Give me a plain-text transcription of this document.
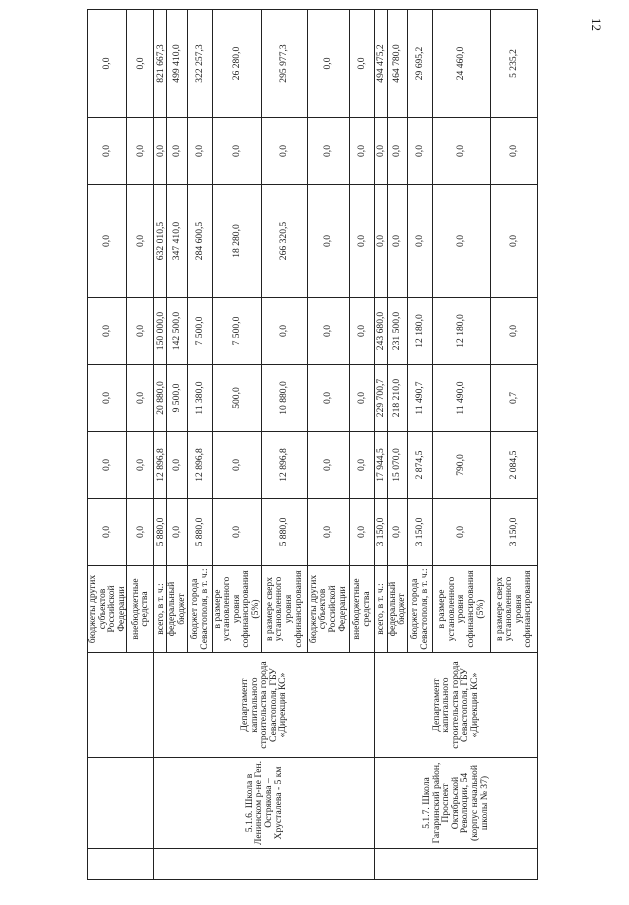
12
			бюджеты других субъектов Российской Федерации	0,0	0,0	0,0	0,0	0,0	0,0	0,0
			внебюджетные средства	0,0	0,0	0,0	0,0	0,0	0,0	0,0
	5.1.6. Школа в Ленинском р-не Ген. Острякова – Хрусталева - 5 км	Департамент капитального строительства города Севастополя, ГБУ «Дирекция КС»	всего, в т. ч.:	5 880,0	12 896,8	20 880,0	150 000,0	632 010,5	0,0	821 667,3
			федеральный бюджет	0,0	0,0	9 500,0	142 500,0	347 410,0	0,0	499 410,0
			бюджет города Севастополя, в т. ч.:	5 880,0	12 896,8	11 380,0	7 500,0	284 600,5	0,0	322 257,3
			в размере установленного уровня софинансирования (5%)	0,0	0,0	500,0	7 500,0	18 280,0	0,0	26 280,0
			в размере сверх установленного уровня софинансирования	5 880,0	12 896,8	10 880,0	0,0	266 320,5	0,0	295 977,3
			бюджеты других субъектов Российской Федерации	0,0	0,0	0,0	0,0	0,0	0,0	0,0
			внебюджетные средства	0,0	0,0	0,0	0,0	0,0	0,0	0,0
	5.1.7. Школа Гагаринский район, Проспект Октябрьской Революции, 54 (корпус начальной школы № 37)	Департамент капитального строительства города Севастополя, ГБУ «Дирекция КС»	всего, в т. ч.:	3 150,0	17 944,5	229 700,7	243 680,0	0,0	0,0	494 475,2
			федеральный бюджет	0,0	15 070,0	218 210,0	231 500,0	0,0	0,0	464 780,0
			бюджет города Севастополя, в т. ч.:	3 150,0	2 874,5	11 490,7	12 180,0	0,0	0,0	29 695,2
			в размере установленного уровня софинансирования (5%)	0,0	790,0	11 490,0	12 180,0	0,0	0,0	24 460,0
			в размере сверх установленного уровня софинансирования	3 150,0	2 084,5	0,7	0,0	0,0	0,0	5 235,2
